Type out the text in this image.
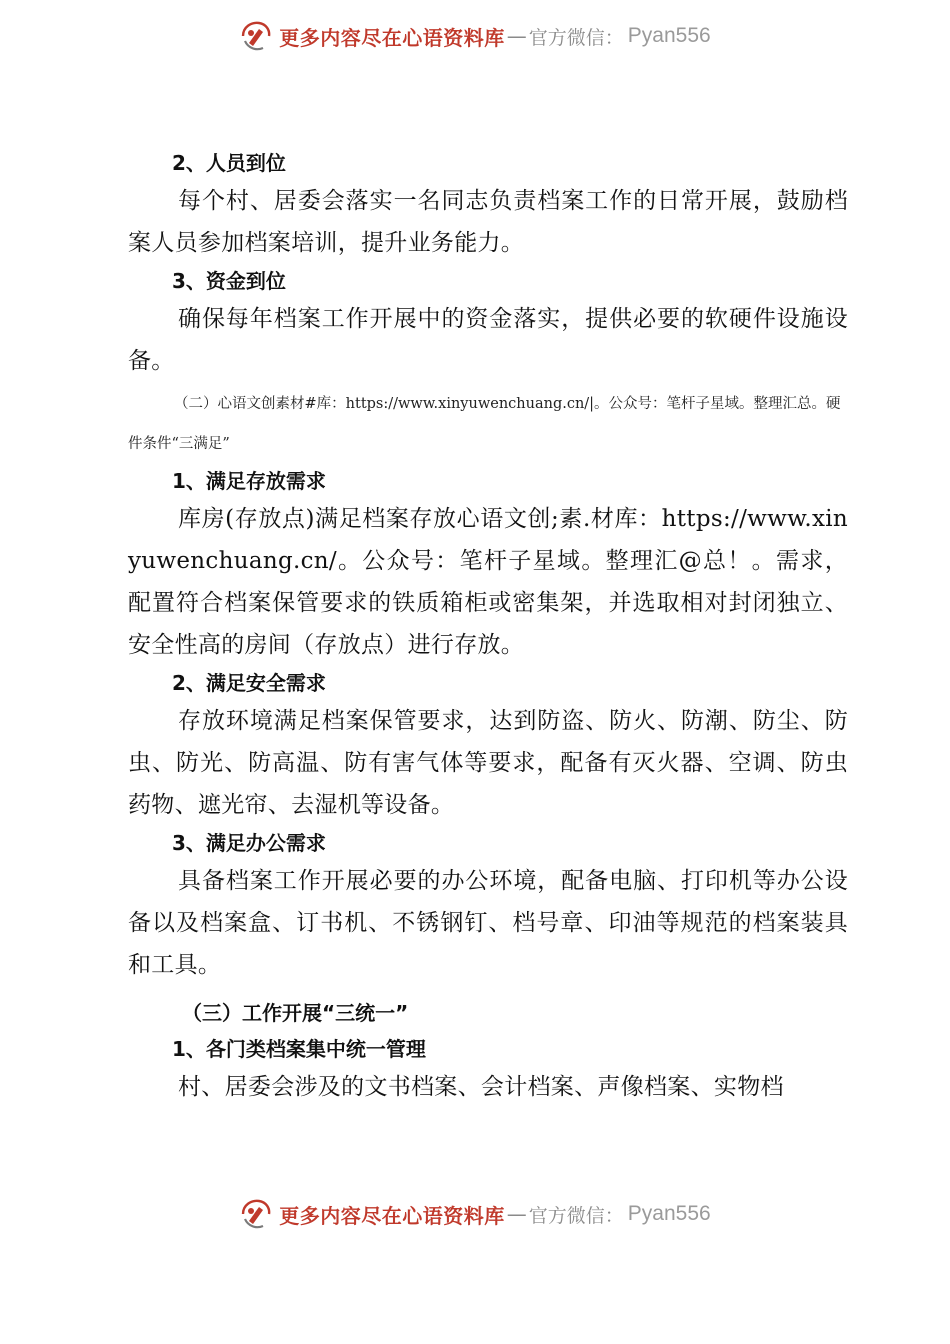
更多内容尽在心语资料库 — 官方微信： Pyan556

2、人员到位

每个村、居委会落实一名同志负责档案工作的日常开展，鼓励档案人员参加档案培训，提升业务能力。

3、资金到位

确保每年档案工作开展中的资金落实，提供必要的软硬件设施设备。

（二）心语文创素材#库：https://www.xinyuwenchuang.cn/|。公众号：笔杆子星域。整理汇总。硬件条件“三满足”

1、满足存放需求

库房(存放点)满足档案存放心语文创;素.材库：https://www.xinyuwenchuang.cn/。公众号：笔杆子星域。整理汇@总！。需求，配置符合档案保管要求的铁质箱柜或密集架，并选取相对封闭独立、安全性高的房间（存放点）进行存放。

2、满足安全需求

存放环境满足档案保管要求，达到防盗、防火、防潮、防尘、防虫、防光、防高温、防有害气体等要求，配备有灭火器、空调、防虫药物、遮光帘、去湿机等设备。

3、满足办公需求

具备档案工作开展必要的办公环境，配备电脑、打印机等办公设备以及档案盒、订书机、不锈钢钉、档号章、印油等规范的档案装具和工具。

（三）工作开展“三统一”

1、各门类档案集中统一管理

村、居委会涉及的文书档案、会计档案、声像档案、实物档

更多内容尽在心语资料库 — 官方微信： Pyan556
